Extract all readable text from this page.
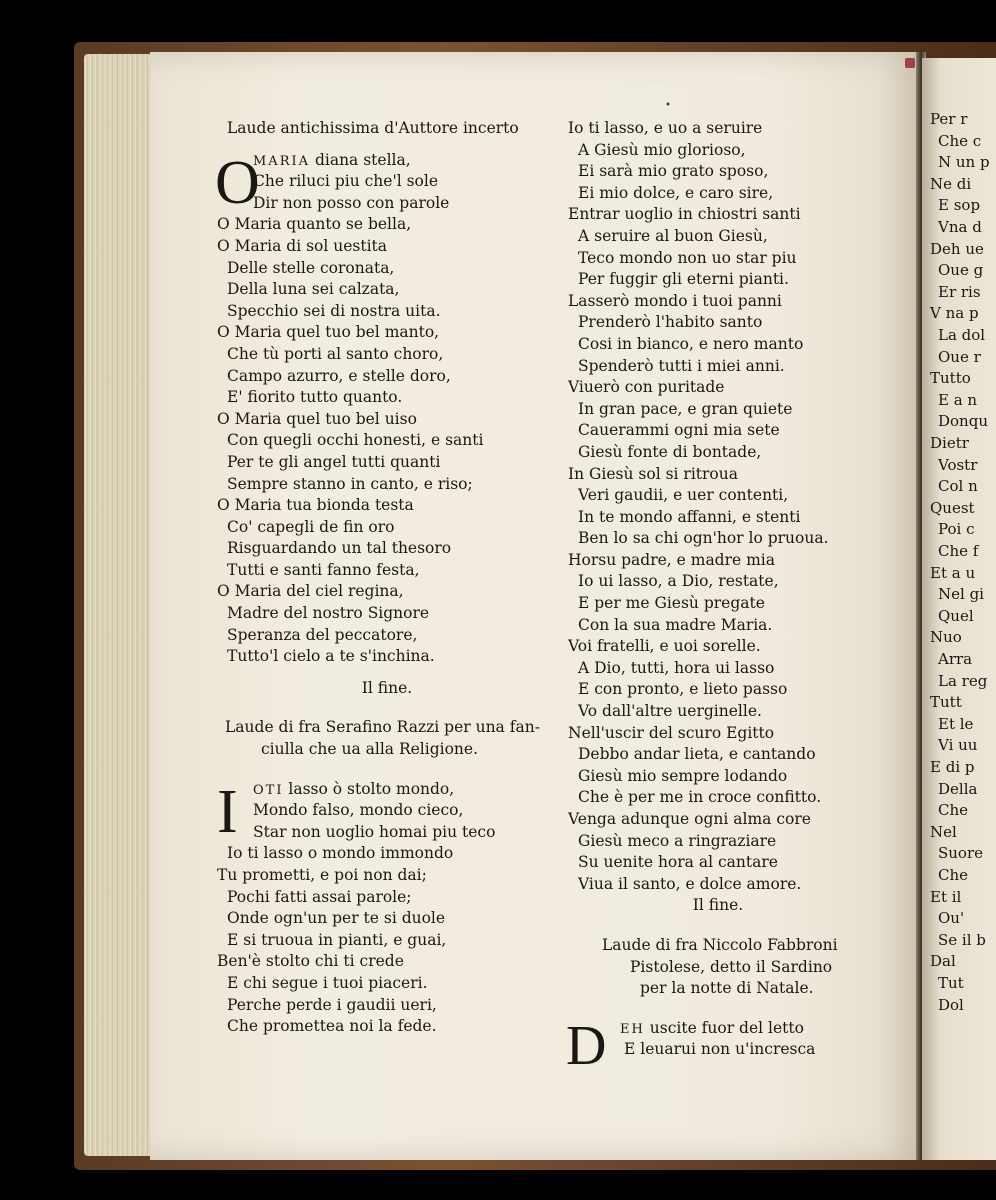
Per r
Che c
N un p
Ne di
E sop
Vna d
Deh ue
Oue g
Er ris
V na p
La dol
Oue r
Tutto
E a n
Donqu
Dietr
Vostr
Col n
Quest
Poi c
Che f
Et a u
Nel gi
Quel
Nuo
Arra
La reg
Tutt
Et le
Vi uu
E di p
Della
Che
Nel
Suore
Che
Et il
Ou'
Se il b
Dal
Tut
Dol
•
Laude antichissima d'Auttore incerto
O
MARIA diana stella,
Che riluci piu che'l sole
Dir non posso con parole
O Maria quanto se bella,
O Maria di sol uestita
Delle stelle coronata,
Della luna sei calzata,
Specchio sei di nostra uita.
O Maria quel tuo bel manto,
Che tù porti al santo choro,
Campo azurro, e stelle doro,
E' fiorito tutto quanto.
O Maria quel tuo bel uiso
Con quegli occhi honesti, e santi
Per te gli angel tutti quanti
Sempre stanno in canto, e riso;
O Maria tua bionda testa
Co' capegli de fin oro
Risguardando un tal thesoro
Tutti e santi fanno festa,
O Maria del ciel regina,
Madre del nostro Signore
Speranza del peccatore,
Tutto'l cielo a te s'inchina.
Il fine.
Laude di fra Serafino Razzi per una fan-
ciulla che ua alla Religione.
I	OTI lasso ò stolto mondo,
Mondo falso, mondo cieco,
Star non uoglio homai piu teco
Io ti lasso o mondo immondo
Tu prometti, e poi non dai;
Pochi fatti assai parole;
Onde ogn'un per te si duole
E si truoua in pianti, e guai,
Ben'è stolto chi ti crede
E chi segue i tuoi piaceri.
Perche perde i gaudii ueri,
Che promettea noi la fede.
Io ti lasso, e uo a seruire
A Giesù mio glorioso,
Ei sarà mio grato sposo,
Ei mio dolce, e caro sire,
Entrar uoglio in chiostri santi
A seruire al buon Giesù,
Teco mondo non uo star piu
Per fuggir gli eterni pianti.
Lasserò mondo i tuoi panni
Prenderò l'habito santo
Cosi in bianco, e nero manto
Spenderò tutti i miei anni.
Viuerò con puritade
In gran pace, e gran quiete
Cauerammi ogni mia sete
Giesù fonte di bontade,
In Giesù sol si ritroua
Veri gaudii, e uer contenti,
In te mondo affanni, e stenti
Ben lo sa chi ogn'hor lo pruoua.
Horsu padre, e madre mia
Io ui lasso, a Dio, restate,
E per me Giesù pregate
Con la sua madre Maria.
Voi fratelli, e uoi sorelle.
A Dio, tutti, hora ui lasso
E con pronto, e lieto passo
Vo dall'altre uerginelle.
Nell'uscir del scuro Egitto
Debbo andar lieta, e cantando
Giesù mio sempre lodando
Che è per me in croce confitto.
Venga adunque ogni alma core
Giesù meco a ringraziare
Su uenite hora al cantare
Viua il santo, e dolce amore.
Il fine.
Laude di fra Niccolo Fabbroni
Pistolese, detto il Sardino
per la notte di Natale.
D	EH uscite fuor del letto
E leuarui non u'incresca
